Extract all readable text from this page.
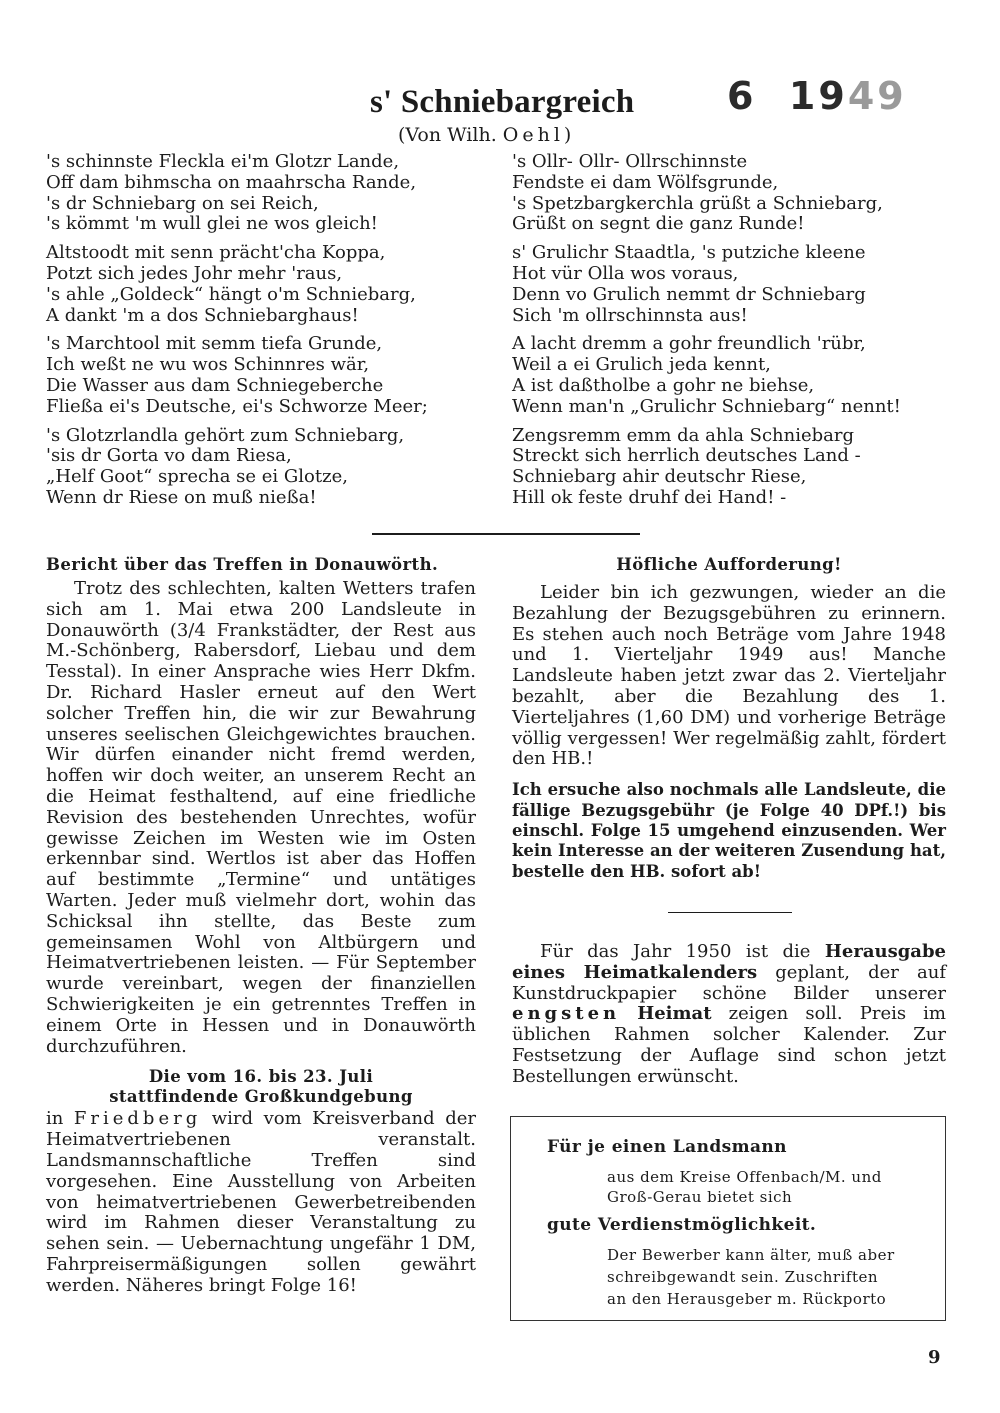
s' Schniebargreich 6 1949
(Von Wilh. Oehl)
's schinnste Fleckla ei'm Glotzr Lande,
Off dam bihmscha on maahrscha Rande,
's dr Schniebarg on sei Reich,
's kömmt 'm wull glei ne wos gleich!
Altstoodt mit senn prächt'cha Koppa,
Potzt sich jedes Johr mehr 'raus,
's ahle „Goldeck“ hängt o'm Schniebarg,
A dankt 'm a dos Schniebarghaus!
's Marchtool mit semm tiefa Grunde,
Ich weßt ne wu wos Schinnres wär,
Die Wasser aus dam Schniegeberche
Fließa ei's Deutsche, ei's Schworze Meer;
's Glotzrlandla gehört zum Schniebarg,
'sis dr Gorta vo dam Riesa,
„Helf Goot“ sprecha se ei Glotze,
Wenn dr Riese on muß nießa!
's Ollr- Ollr- Ollrschinnste
Fendste ei dam Wölfsgrunde,
's Spetzbargkerchla grüßt a Schniebarg,
Grüßt on segnt die ganz Runde!
s' Grulichr Staadtla, 's putziche kleene
Hot vür Olla wos voraus,
Denn vo Grulich nemmt dr Schniebarg
Sich 'm ollrschinnsta aus!
A lacht dremm a gohr freundlich 'rübr,
Weil a ei Grulich jeda kennt,
A ist daßtholbe a gohr ne biehse,
Wenn man'n „Grulichr Schniebarg“ nennt!
Zengsremm emm da ahla Schniebarg
Streckt sich herrlich deutsches Land -
Schniebarg ahir deutschr Riese,
Hill ok feste druhf dei Hand! -
Bericht über das Treffen in Donauwörth.

Trotz des schlechten, kalten Wetters trafen sich am 1. Mai etwa 200 Landsleute in Donauwörth (3/4 Frankstädter, der Rest aus M.-Schönberg, Rabersdorf, Liebau und dem Tesstal). In einer Ansprache wies Herr Dkfm. Dr. Richard Hasler erneut auf den Wert solcher Treffen hin, die wir zur Bewahrung unseres seelischen Gleichgewichtes brauchen. Wir dürfen einander nicht fremd werden, hoffen wir doch weiter, an unserem Recht an die Heimat festhaltend, auf eine friedliche Revision des bestehenden Unrechtes, wofür gewisse Zeichen im Westen wie im Osten erkennbar sind. Wertlos ist aber das Hoffen auf bestimmte „Termine“ und untätiges Warten. Jeder muß vielmehr dort, wohin das Schicksal ihn stellte, das Beste zum gemeinsamen Wohl von Altbürgern und Heimatvertriebenen leisten. — Für September wurde vereinbart, wegen der finanziellen Schwierigkeiten je ein getrenntes Treffen in einem Orte in Hessen und in Donauwörth durchzuführen.

Die vom 16. bis 23. Juli
stattfindende Großkundgebung

in Friedberg wird vom Kreisverband der Heimatvertriebenen veranstalt. Landsmannschaftliche Treffen sind vorgesehen. Eine Ausstellung von Arbeiten von heimatvertriebenen Gewerbetreibenden wird im Rahmen dieser Veranstaltung zu sehen sein. — Uebernachtung ungefähr 1 DM, Fahrpreisermäßigungen sollen gewährt werden. Näheres bringt Folge 16!

Höfliche Aufforderung!

Leider bin ich gezwungen, wieder an die Bezahlung der Bezugsgebühren zu erinnern. Es stehen auch noch Beträge vom Jahre 1948 und 1. Vierteljahr 1949 aus! Manche Landsleute haben jetzt zwar das 2. Vierteljahr bezahlt, aber die Bezahlung des 1. Vierteljahres (1,60 DM) und vorherige Beträge völlig vergessen! Wer regelmäßig zahlt, fördert den HB.!

Ich ersuche also nochmals alle Landsleute, die fällige Bezugsgebühr (je Folge 40 DPf.!) bis einschl. Folge 15 umgehend einzusenden. Wer kein Interesse an der weiteren Zusendung hat, bestelle den HB. sofort ab!

Für das Jahr 1950 ist die Herausgabe eines Heimatkalenders geplant, der auf Kunstdruckpapier schöne Bilder unserer engsten Heimat zeigen soll. Preis im üblichen Rahmen solcher Kalender. Zur Festsetzung der Auflage sind schon jetzt Bestellungen erwünscht.

Für je einen Landsmann
aus dem Kreise Offenbach/M. und
Groß-Gerau bietet sich
gute Verdienstmöglichkeit.
Der Bewerber kann älter, muß aber
schreibgewandt sein. Zuschriften
an den Herausgeber m. Rückporto
9
